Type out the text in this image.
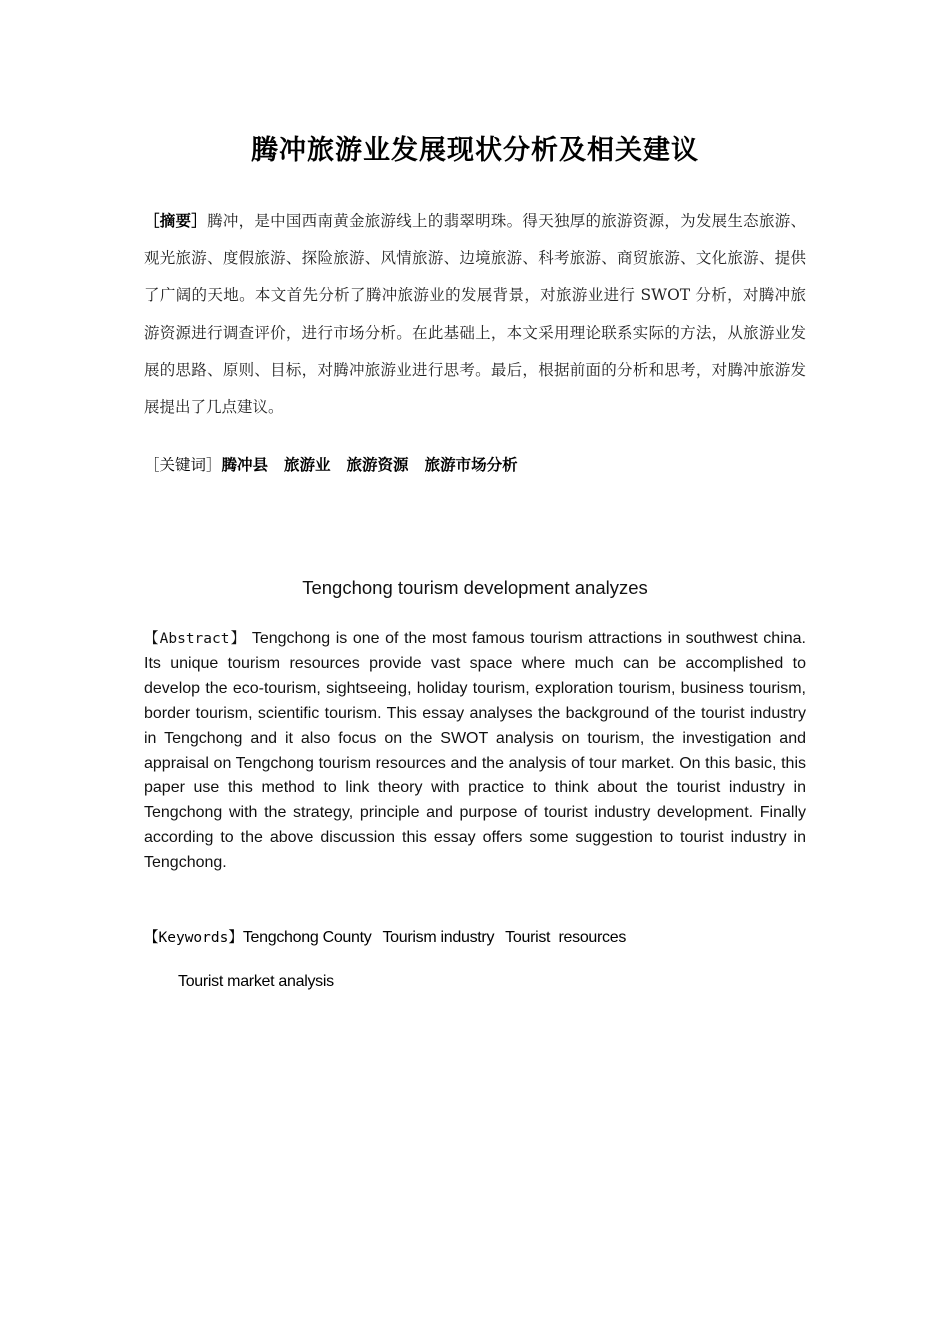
腾冲旅游业发展现状分析及相关建议
［摘要］腾冲，是中国西南黄金旅游线上的翡翠明珠。得天独厚的旅游资源，为发展生态旅游、观光旅游、度假旅游、探险旅游、风情旅游、边境旅游、科考旅游、商贸旅游、文化旅游、提供了广阔的天地。本文首先分析了腾冲旅游业的发展背景，对旅游业进行 SWOT 分析，对腾冲旅游资源进行调查评价，进行市场分析。在此基础上，本文采用理论联系实际的方法，从旅游业发展的思路、原则、目标，对腾冲旅游业进行思考。最后，根据前面的分析和思考，对腾冲旅游发展提出了几点建议。
［关键词］腾冲县 旅游业 旅游资源 旅游市场分析
Tengchong tourism development analyzes
【Abstract】 Tengchong is one of the most famous tourism attractions in southwest china. Its unique tourism resources provide vast space where much can be accomplished to develop the eco-tourism, sightseeing, holiday tourism, exploration tourism, business tourism, border tourism, scientific tourism. This essay analyses the background of the tourist industry in Tengchong and it also focus on the SWOT analysis on tourism, the investigation and appraisal on Tengchong tourism resources and the analysis of tour market. On this basic, this paper use this method to link theory with practice to think about the tourist industry in Tengchong with the strategy, principle and purpose of tourist industry development. Finally according to the above discussion this essay offers some suggestion to tourist industry in Tengchong.
【Keywords】Tengchong County Tourism industry Tourist  resources
Tourist market analysis
